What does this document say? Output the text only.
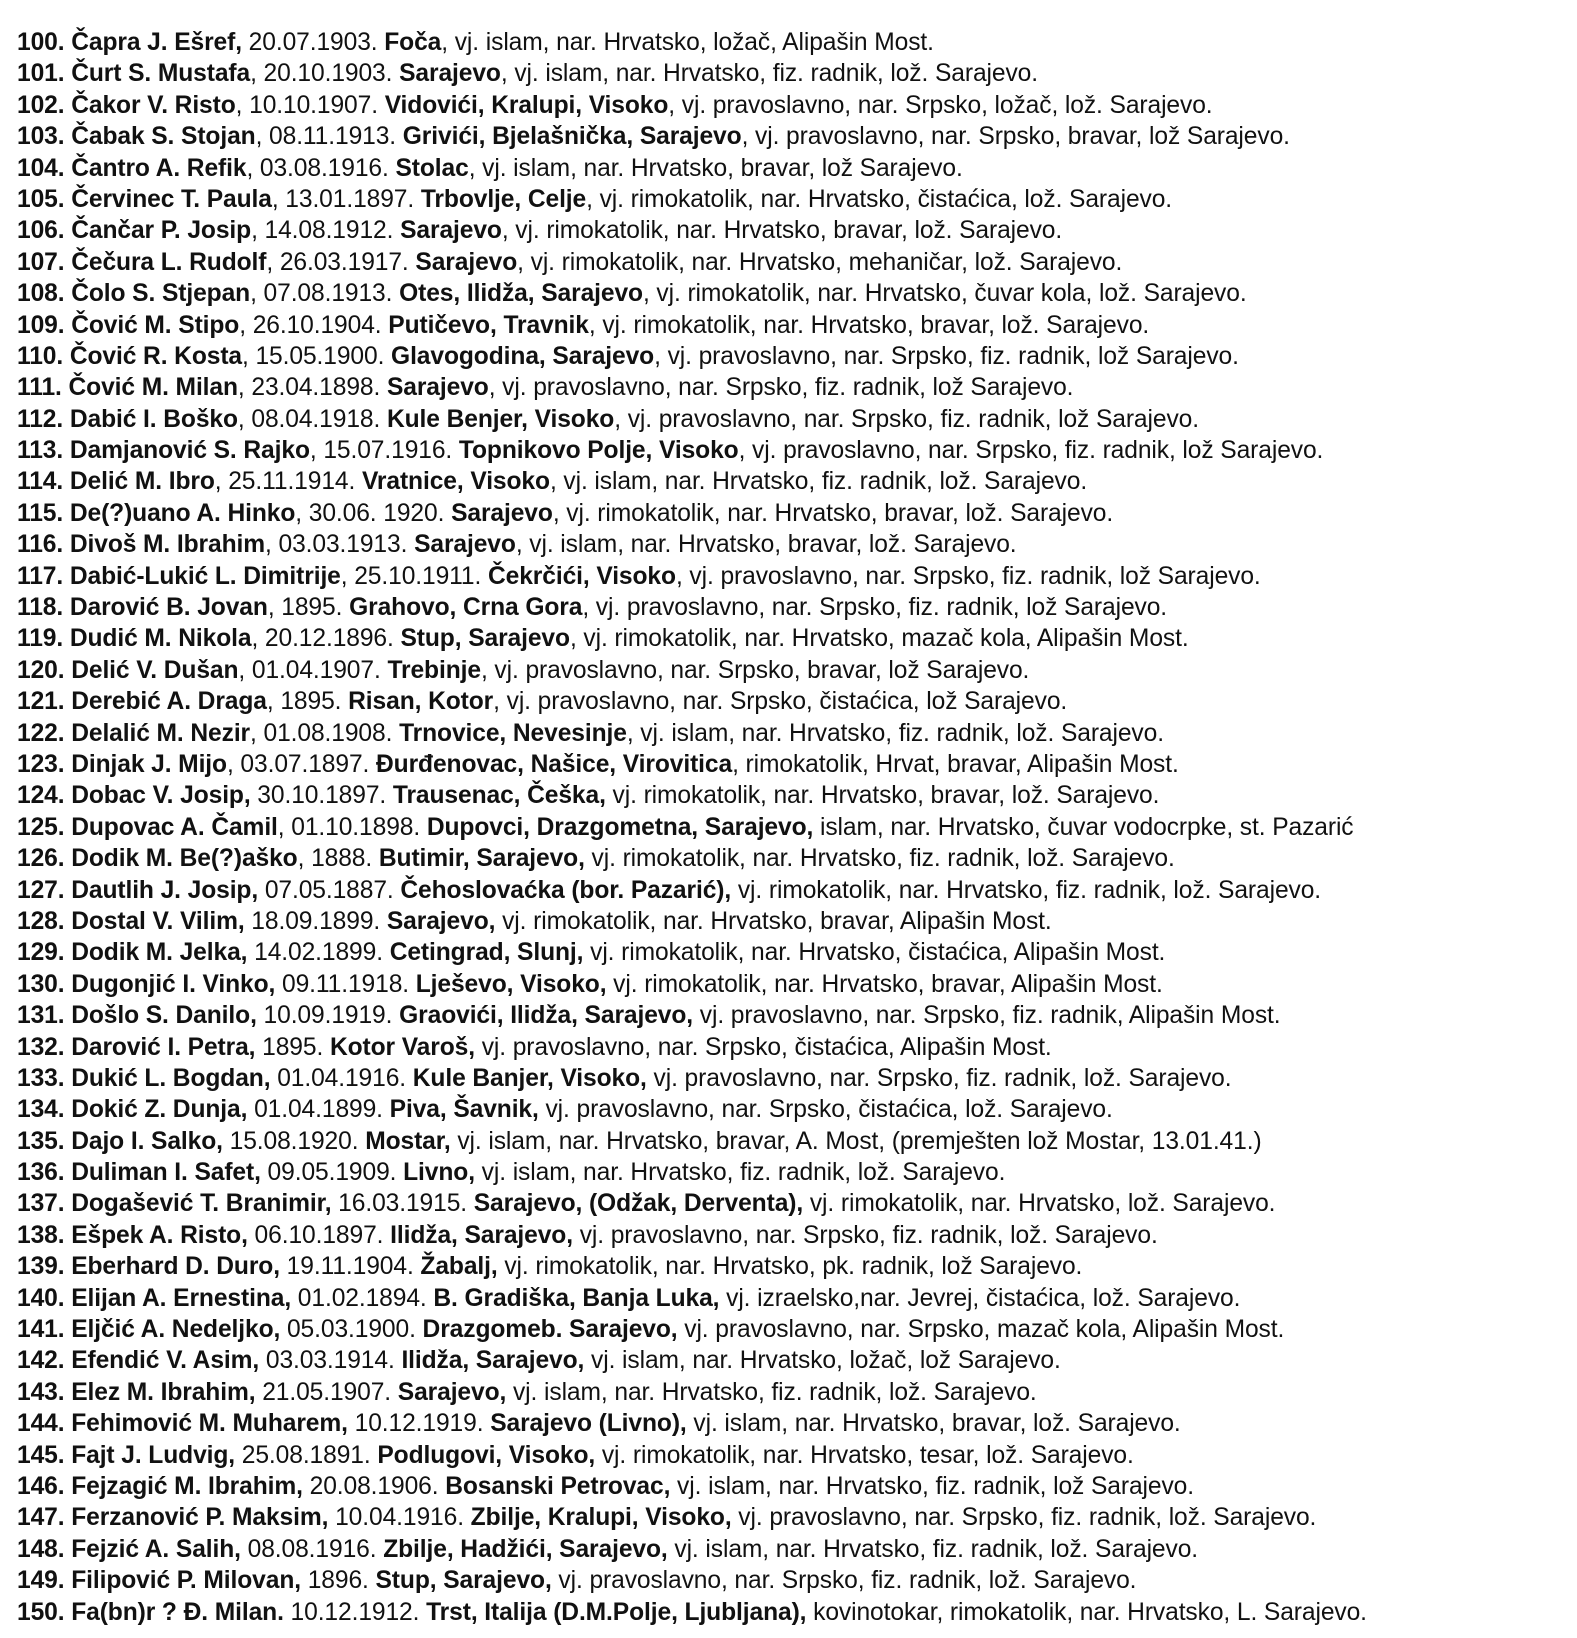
100. Čapra J. Ešref, 20.07.1903. Foča, vj. islam, nar. Hrvatsko, ložač, Alipašin Most.
101. Čurt S. Mustafa, 20.10.1903. Sarajevo, vj. islam, nar. Hrvatsko, fiz. radnik, lož. Sarajevo.
102. Čakor V. Risto, 10.10.1907. Vidovići, Kralupi, Visoko, vj. pravoslavno, nar. Srpsko, ložač, lož. Sarajevo.
103. Čabak S. Stojan, 08.11.1913. Grivići, Bjelašnička, Sarajevo, vj. pravoslavno, nar. Srpsko, bravar, lož Sarajevo.
104. Čantro A. Refik, 03.08.1916. Stolac, vj. islam, nar. Hrvatsko, bravar, lož Sarajevo.
105. Červinec T. Paula, 13.01.1897. Trbovlje, Celje, vj. rimokatolik, nar. Hrvatsko, čistaćica, lož. Sarajevo.
106. Čančar P. Josip, 14.08.1912. Sarajevo, vj. rimokatolik, nar. Hrvatsko, bravar, lož. Sarajevo.
107. Čečura L. Rudolf, 26.03.1917. Sarajevo, vj. rimokatolik, nar. Hrvatsko, mehaničar, lož. Sarajevo.
108. Čolo S. Stjepan, 07.08.1913. Otes, Ilidža, Sarajevo, vj. rimokatolik, nar. Hrvatsko, čuvar kola, lož. Sarajevo.
109. Čović M. Stipo, 26.10.1904. Putičevo, Travnik, vj. rimokatolik, nar. Hrvatsko, bravar, lož. Sarajevo.
110. Čović R. Kosta, 15.05.1900. Glavogodina, Sarajevo, vj. pravoslavno, nar. Srpsko, fiz. radnik, lož Sarajevo.
111. Čović M. Milan, 23.04.1898. Sarajevo, vj. pravoslavno, nar. Srpsko, fiz. radnik, lož Sarajevo.
112. Dabić I. Boško, 08.04.1918. Kule Benjer, Visoko, vj. pravoslavno, nar. Srpsko, fiz. radnik, lož Sarajevo.
113. Damjanović S. Rajko, 15.07.1916. Topnikovo Polje, Visoko, vj. pravoslavno, nar. Srpsko, fiz. radnik, lož Sarajevo.
114. Delić M. Ibro, 25.11.1914. Vratnice, Visoko, vj. islam, nar. Hrvatsko, fiz. radnik, lož. Sarajevo.
115. De(?)uano A. Hinko, 30.06. 1920. Sarajevo, vj. rimokatolik, nar. Hrvatsko, bravar, lož. Sarajevo.
116. Divoš M. Ibrahim, 03.03.1913. Sarajevo, vj. islam, nar. Hrvatsko, bravar, lož. Sarajevo.
117. Dabić-Lukić L. Dimitrije, 25.10.1911. Čekrčići, Visoko, vj. pravoslavno, nar. Srpsko, fiz. radnik, lož Sarajevo.
118. Darović B. Jovan, 1895. Grahovo, Crna Gora, vj. pravoslavno, nar. Srpsko, fiz. radnik, lož Sarajevo.
119. Dudić M. Nikola, 20.12.1896. Stup, Sarajevo, vj. rimokatolik, nar. Hrvatsko, mazač kola, Alipašin Most.
120. Delić V. Dušan, 01.04.1907. Trebinje, vj. pravoslavno, nar. Srpsko, bravar, lož Sarajevo.
121. Derebić A. Draga, 1895. Risan, Kotor, vj. pravoslavno, nar. Srpsko, čistaćica, lož Sarajevo.
122. Delalić M. Nezir, 01.08.1908. Trnovice, Nevesinje, vj. islam, nar. Hrvatsko, fiz. radnik, lož. Sarajevo.
123. Dinjak J. Mijo, 03.07.1897. Đurđenovac, Našice, Virovitica, rimokatolik, Hrvat, bravar, Alipašin Most.
124. Dobac V. Josip, 30.10.1897. Trausenac, Češka, vj. rimokatolik, nar. Hrvatsko, bravar, lož. Sarajevo.
125. Dupovac A. Čamil, 01.10.1898. Dupovci, Drazgometna, Sarajevo, islam, nar. Hrvatsko, čuvar vodocrpke, st. Pazarić
126. Dodik M. Be(?)aško, 1888. Butimir, Sarajevo, vj. rimokatolik, nar. Hrvatsko, fiz. radnik, lož. Sarajevo.
127. Dautlih J. Josip, 07.05.1887. Čehoslovaćka (bor. Pazarić), vj. rimokatolik, nar. Hrvatsko, fiz. radnik, lož. Sarajevo.
128. Dostal V. Vilim, 18.09.1899. Sarajevo, vj. rimokatolik, nar. Hrvatsko, bravar, Alipašin Most.
129. Dodik M. Jelka, 14.02.1899. Cetingrad, Slunj, vj. rimokatolik, nar. Hrvatsko, čistaćica, Alipašin Most.
130. Dugonjić I. Vinko, 09.11.1918. Lješevo, Visoko, vj. rimokatolik, nar. Hrvatsko, bravar, Alipašin Most.
131. Došlo S. Danilo, 10.09.1919. Graovići, Ilidža, Sarajevo, vj. pravoslavno, nar. Srpsko, fiz. radnik, Alipašin Most.
132. Darović I. Petra, 1895. Kotor Varoš, vj. pravoslavno, nar. Srpsko, čistaćica, Alipašin Most.
133. Dukić L. Bogdan, 01.04.1916. Kule Banjer, Visoko, vj. pravoslavno, nar. Srpsko, fiz. radnik, lož. Sarajevo.
134. Dokić Z. Dunja, 01.04.1899. Piva, Šavnik, vj. pravoslavno, nar. Srpsko, čistaćica, lož. Sarajevo.
135. Dajo I. Salko, 15.08.1920. Mostar, vj. islam, nar. Hrvatsko, bravar, A. Most, (premješten lož Mostar, 13.01.41.)
136. Duliman I. Safet, 09.05.1909. Livno, vj. islam, nar. Hrvatsko, fiz. radnik, lož. Sarajevo.
137. Dogašević T. Branimir, 16.03.1915. Sarajevo, (Odžak, Derventa), vj. rimokatolik, nar. Hrvatsko, lož. Sarajevo.
138. Ešpek A. Risto, 06.10.1897. Ilidža, Sarajevo, vj. pravoslavno, nar. Srpsko, fiz. radnik, lož. Sarajevo.
139. Eberhard D. Duro, 19.11.1904. Žabalj, vj. rimokatolik, nar. Hrvatsko, pk. radnik, lož Sarajevo.
140. Elijan A. Ernestina, 01.02.1894. B. Gradiška, Banja Luka, vj. izraelsko,nar. Jevrej, čistaćica, lož. Sarajevo.
141. Eljčić A. Nedeljko, 05.03.1900. Drazgomeb. Sarajevo, vj. pravoslavno, nar. Srpsko, mazač kola, Alipašin Most.
142. Efendić V. Asim, 03.03.1914. Ilidža, Sarajevo, vj. islam, nar. Hrvatsko, ložač, lož Sarajevo.
143. Elez M. Ibrahim, 21.05.1907. Sarajevo, vj. islam, nar. Hrvatsko, fiz. radnik, lož. Sarajevo.
144. Fehimović M. Muharem, 10.12.1919. Sarajevo (Livno), vj. islam, nar. Hrvatsko, bravar, lož. Sarajevo.
145. Fajt J. Ludvig, 25.08.1891. Podlugovi, Visoko, vj. rimokatolik, nar. Hrvatsko, tesar, lož. Sarajevo.
146. Fejzagić M. Ibrahim, 20.08.1906. Bosanski Petrovac, vj. islam, nar. Hrvatsko, fiz. radnik, lož Sarajevo.
147. Ferzanović P. Maksim, 10.04.1916. Zbilje, Kralupi, Visoko, vj. pravoslavno, nar. Srpsko, fiz. radnik, lož. Sarajevo.
148. Fejzić A. Salih, 08.08.1916. Zbilje, Hadžići, Sarajevo, vj. islam, nar. Hrvatsko, fiz. radnik, lož. Sarajevo.
149. Filipović P. Milovan, 1896. Stup, Sarajevo, vj. pravoslavno, nar. Srpsko, fiz. radnik, lož. Sarajevo.
150. Fa(bn)r ? Đ. Milan. 10.12.1912. Trst, Italija (D.M.Polje, Ljubljana), kovinotokar, rimokatolik, nar. Hrvatsko, L. Sarajevo.
